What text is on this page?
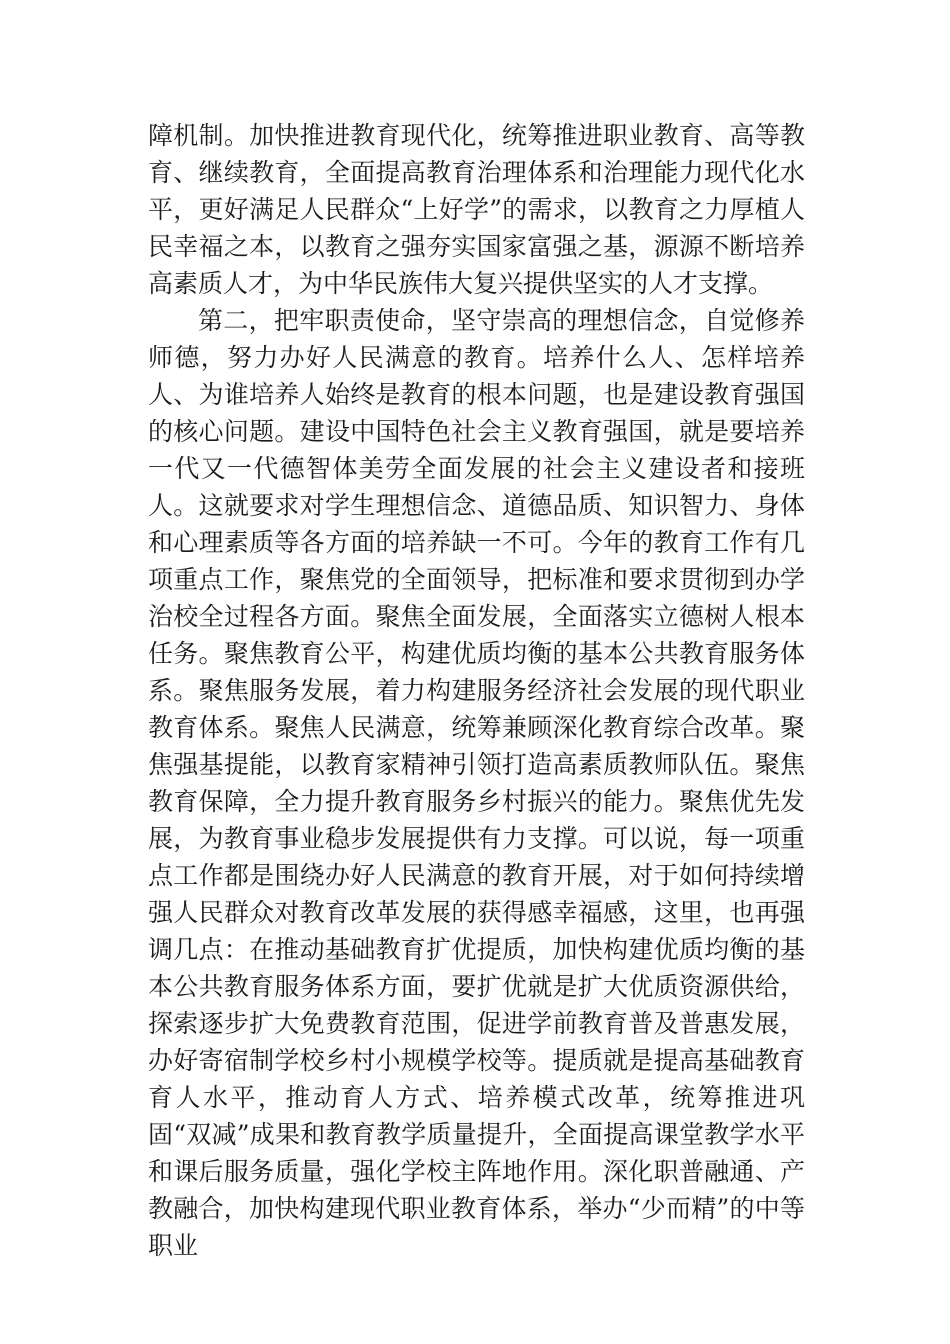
障机制。加快推进教育现代化，统筹推进职业教育、高等教育、继续教育，全面提高教育治理体系和治理能力现代化水平，更好满足人民群众“上好学”的需求，以教育之力厚植人民幸福之本，以教育之强夯实国家富强之基，源源不断培养高素质人才，为中华民族伟大复兴提供坚实的人才支撑。

第二，把牢职责使命，坚守崇高的理想信念，自觉修养师德，努力办好人民满意的教育。培养什么人、怎样培养人、为谁培养人始终是教育的根本问题，也是建设教育强国的核心问题。建设中国特色社会主义教育强国，就是要培养一代又一代德智体美劳全面发展的社会主义建设者和接班人。这就要求对学生理想信念、道德品质、知识智力、身体和心理素质等各方面的培养缺一不可。今年的教育工作有几项重点工作，聚焦党的全面领导，把标准和要求贯彻到办学治校全过程各方面。聚焦全面发展，全面落实立德树人根本任务。聚焦教育公平，构建优质均衡的基本公共教育服务体系。聚焦服务发展，着力构建服务经济社会发展的现代职业教育体系。聚焦人民满意，统筹兼顾深化教育综合改革。聚焦强基提能，以教育家精神引领打造高素质教师队伍。聚焦教育保障，全力提升教育服务乡村振兴的能力。聚焦优先发展，为教育事业稳步发展提供有力支撑。可以说，每一项重点工作都是围绕办好人民满意的教育开展，对于如何持续增强人民群众对教育改革发展的获得感幸福感，这里，也再强调几点：在推动基础教育扩优提质，加快构建优质均衡的基本公共教育服务体系方面，要扩优就是扩大优质资源供给，探索逐步扩大免费教育范围，促进学前教育普及普惠发展，办好寄宿制学校乡村小规模学校等。提质就是提高基础教育育人水平，推动育人方式、培养模式改革，统筹推进巩固“双减”成果和教育教学质量提升，全面提高课堂教学水平和课后服务质量，强化学校主阵地作用。深化职普融通、产教融合，加快构建现代职业教育体系，举办“少而精”的中等职业
